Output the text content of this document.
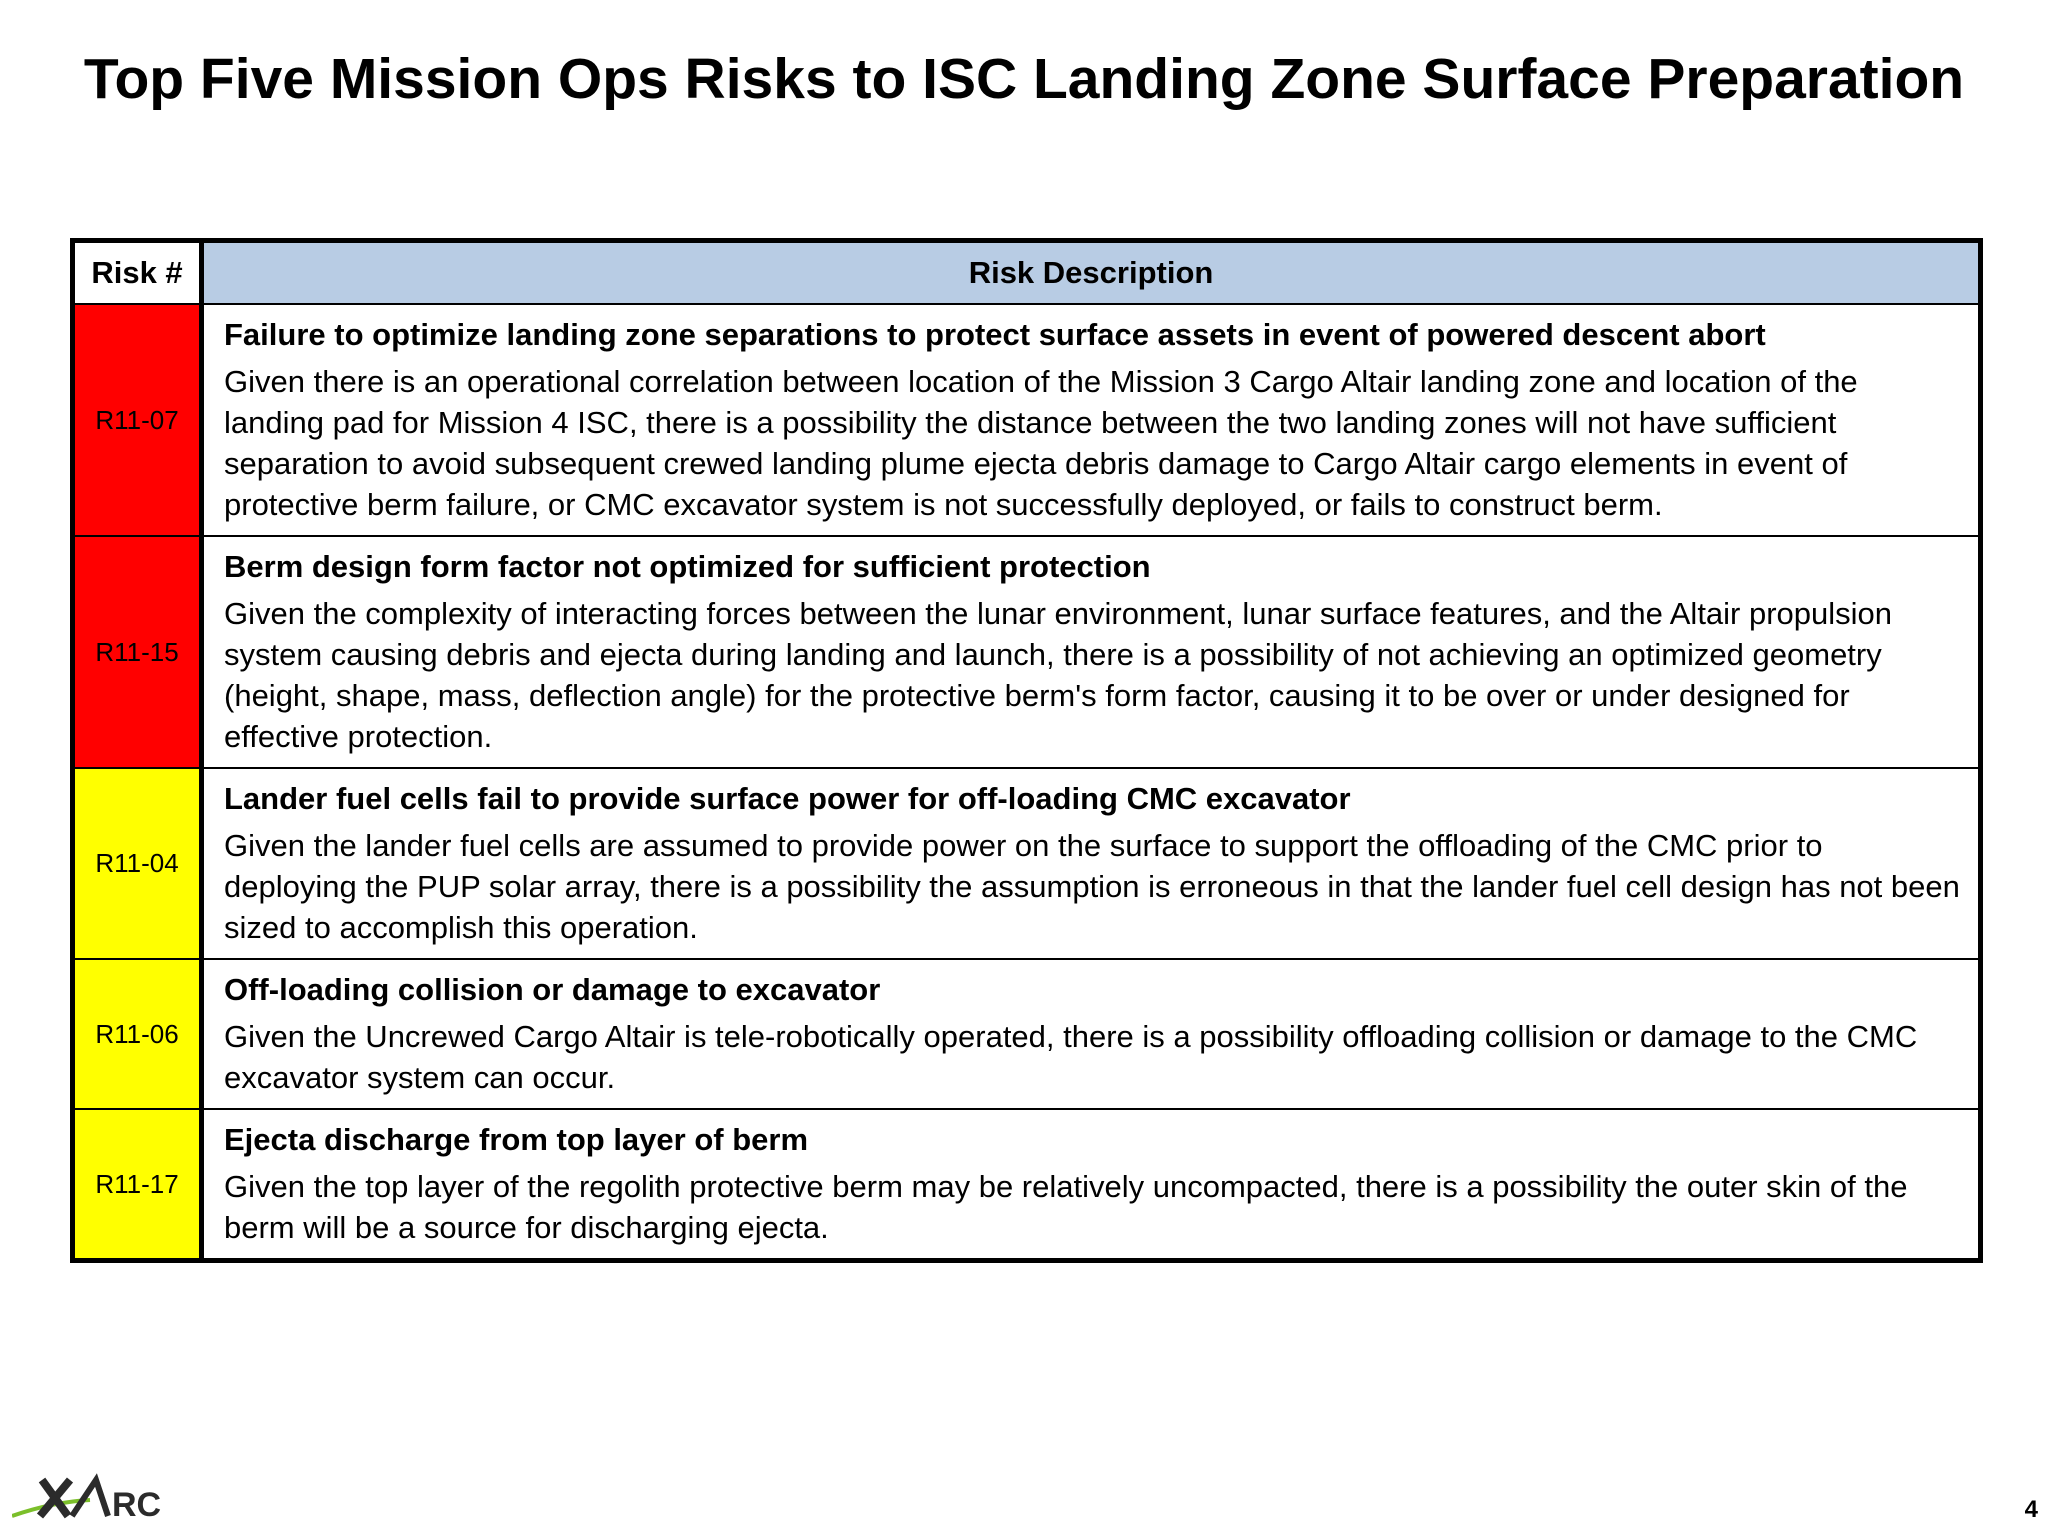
Top Five Mission Ops Risks to ISC Landing Zone Surface Preparation
Risk #	Risk Description
R11-07
Failure to optimize landing zone separations to protect surface assets in event of powered descent abort
Given there is an operational correlation between location of the Mission 3 Cargo Altair landing zone and location of the landing pad for Mission 4 ISC, there is a possibility the distance between the two landing zones will not have sufficient separation to avoid subsequent crewed landing plume ejecta debris damage to Cargo Altair cargo elements in event of protective berm failure, or CMC excavator system is not successfully deployed, or fails to construct berm.
R11-15
Berm design form factor not optimized for sufficient protection
Given the complexity of interacting forces between the lunar environment, lunar surface features, and the Altair propulsion system causing debris and ejecta during landing and launch, there is a possibility of not achieving an optimized geometry (height, shape, mass, deflection angle) for the protective berm's form factor, causing it to be over or under designed for effective protection.
R11-04
Lander fuel cells fail to provide surface power for off-loading CMC excavator
Given the lander fuel cells are assumed to provide power on the surface to support the offloading of the CMC prior to deploying the PUP solar array, there is a possibility the assumption is erroneous in that the lander fuel cell design has not been sized to accomplish this operation.
R11-06
Off-loading collision or damage to excavator
Given the Uncrewed Cargo Altair is tele-robotically operated, there is a possibility offloading collision or damage to the CMC excavator system can occur.
R11-17
Ejecta discharge from top layer of berm
Given the top layer of the regolith protective berm may be relatively uncompacted, there is a possibility the outer skin of the berm will be a source for discharging ejecta.
RC	4
